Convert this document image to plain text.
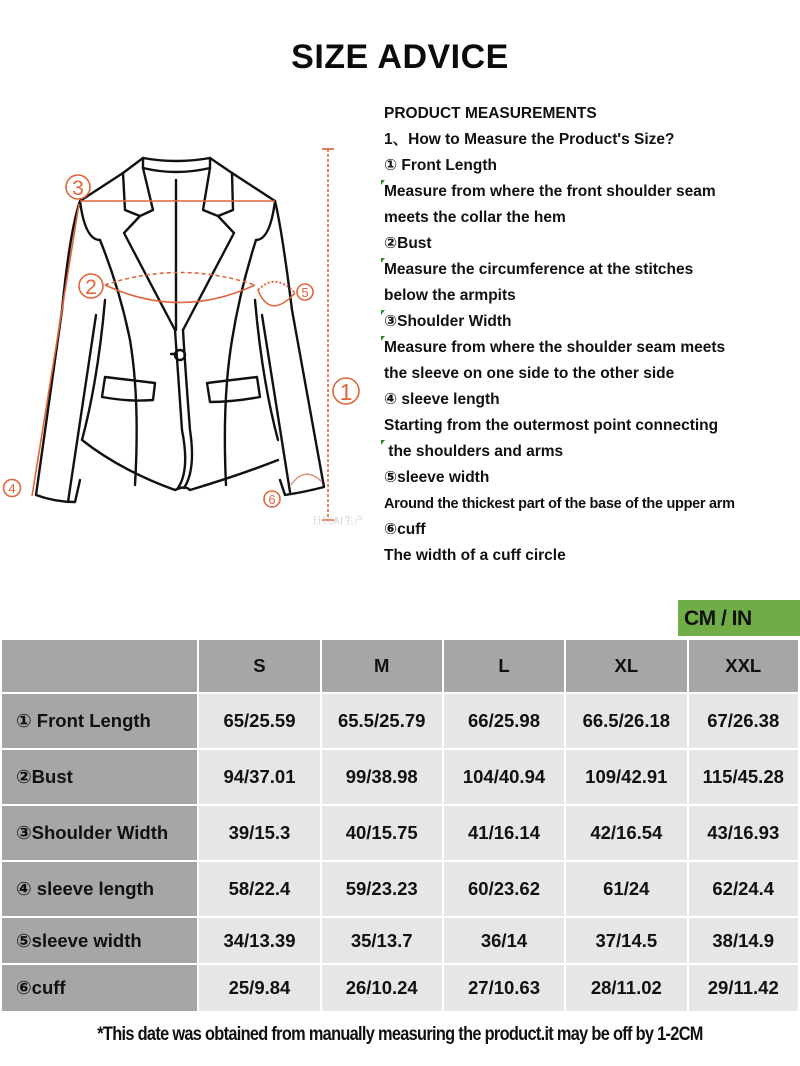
SIZE ADVICE
3
2	5
1
4
6
日回AI生产
PRODUCT MEASUREMENTS
1、How to Measure the Product's Size?
① Front Length
Measure from where the front shoulder seam
meets the collar the hem
②Bust
Measure the circumference at the stitches
below the armpits
③Shoulder Width
Measure from where the shoulder seam meets
the sleeve on one side to the other side
④ sleeve length
Starting from the outermost point connecting
the shoulders and arms
⑤sleeve width
Around the thickest part of the base of the upper arm
⑥cuff
The width of a cuff circle
CM / IN
	S	M	L	XL	XXL
① Front Length	65/25.59	65.5/25.79	66/25.98	66.5/26.18	67/26.38
②Bust	94/37.01	99/38.98	104/40.94	109/42.91	115/45.28
③Shoulder Width	39/15.3	40/15.75	41/16.14	42/16.54	43/16.93
④ sleeve length	58/22.4	59/23.23	60/23.62	61/24	62/24.4
⑤sleeve width	34/13.39	35/13.7	36/14	37/14.5	38/14.9
⑥cuff	25/9.84	26/10.24	27/10.63	28/11.02	29/11.42
*This date was obtained from manually measuring the product.it may be off by 1-2CM
